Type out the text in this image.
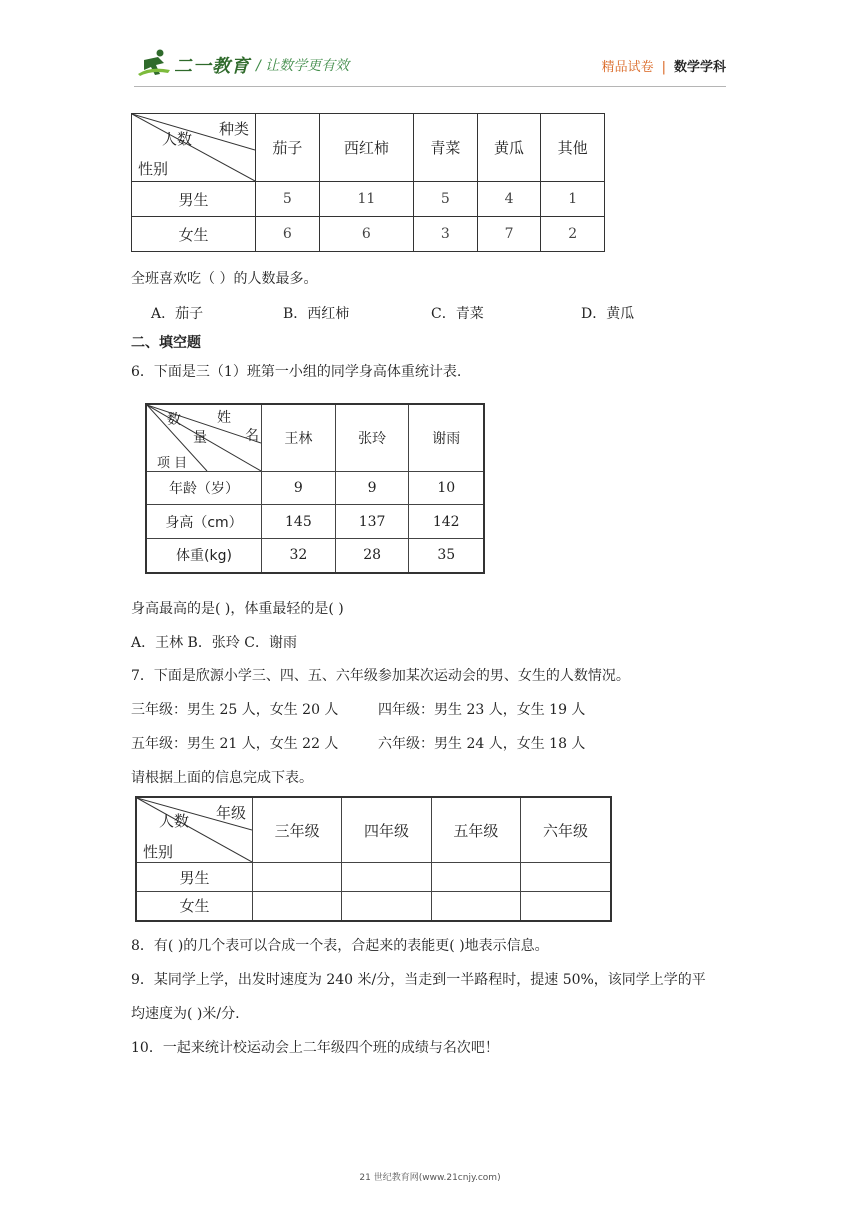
二一教育 / 让数学更有效	精品试卷 | 数学学科
种类
人数
性别	茄子	西红柿	青菜	黄瓜	其他
男生	5	11	5	4	1
女生	6	6	3	7	2
全班喜欢吃（ ）的人数最多。
A．茄子	B．西红柿	C．青菜	D．黄瓜
二、填空题
6．下面是三（1）班第一小组的同学身高体重统计表.
数 姓
量 名
项 目	王林	张玲	谢雨
年龄（岁）	9	9	10
身高（cm）	145	137	142
体重(kg)	32	28	35
身高最高的是( )，体重最轻的是( )
A．王林 B．张玲 C．谢雨
7．下面是欣源小学三、四、五、六年级参加某次运动会的男、女生的人数情况。
三年级：男生 25 人，女生 20 人	四年级：男生 23 人，女生 19 人
五年级：男生 21 人，女生 22 人	六年级：男生 24 人，女生 18 人
请根据上面的信息完成下表。
年级
人数
性别	三年级	四年级	五年级	六年级
男生				
女生				
8．有( )的几个表可以合成一个表，合起来的表能更( )地表示信息。
9．某同学上学，出发时速度为 240 米/分，当走到一半路程时，提速 50%，该同学上学的平
均速度为( )米/分.
10．一起来统计校运动会上二年级四个班的成绩与名次吧！
21 世纪教育网(www.21cnjy.com)
